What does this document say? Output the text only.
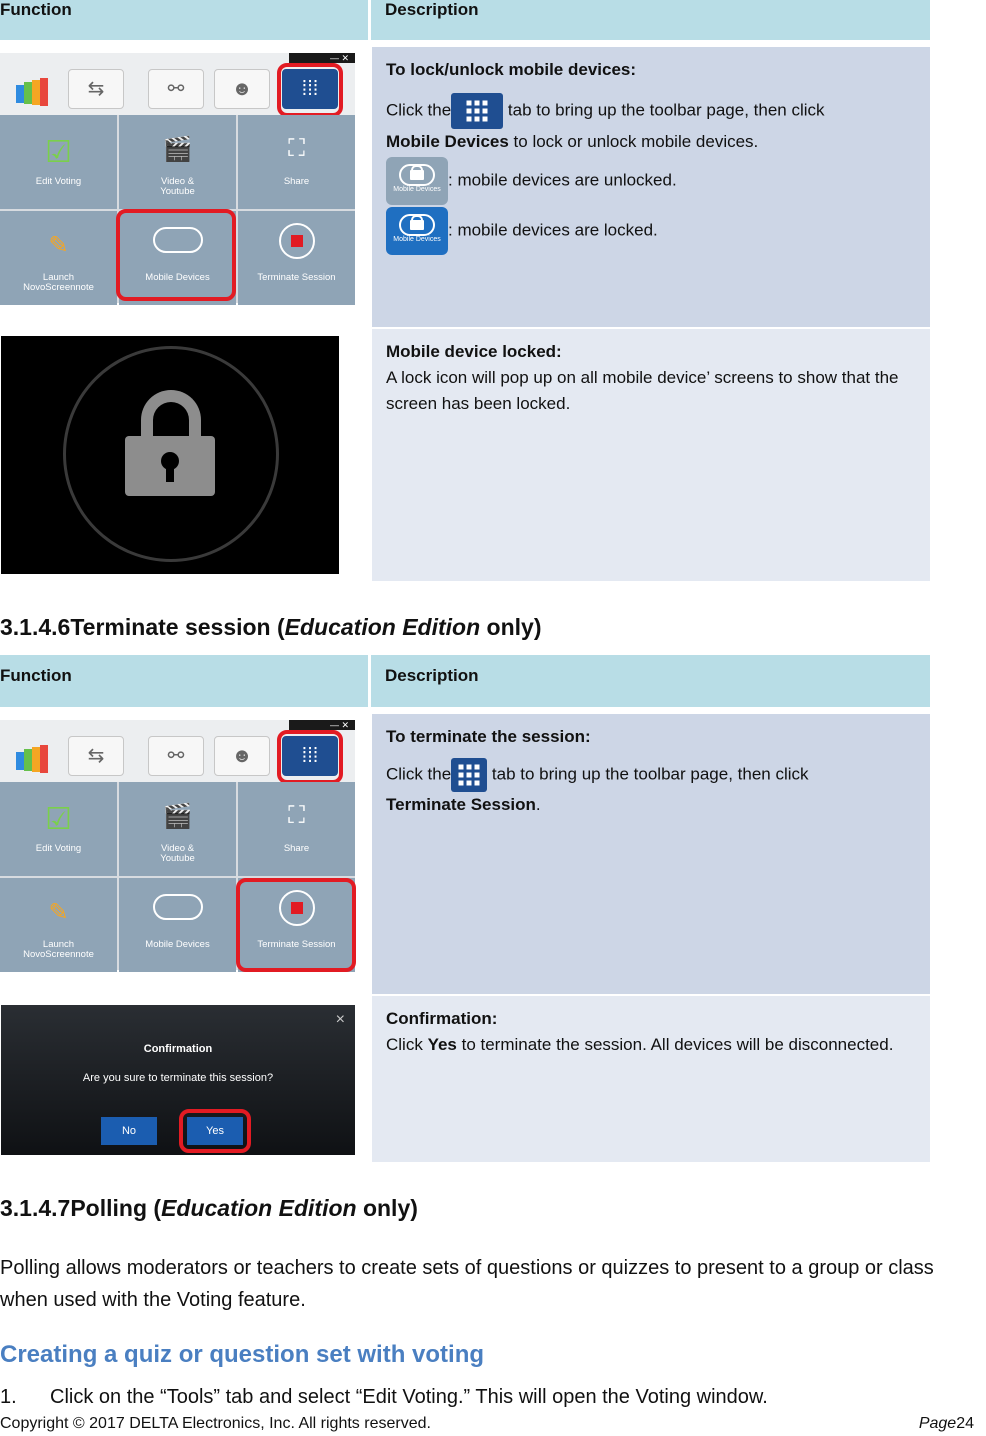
Function	Description
— ✕
⇆	⚯	☻	⁞⁞⁞
☑
Edit Voting
🎬
Video &
Youtube
⛶
Share
✎
Launch
NovoScreennote
Mobile Devices	Terminate Session
To lock/unlock mobile devices:
Click the	tab to bring up the toolbar page, then click
Mobile Devices to lock or unlock mobile devices.
Mobile Devices
: mobile devices are unlocked.
Mobile Devices
: mobile devices are locked.
Mobile device locked:
A lock icon will pop up on all mobile device’ screens to show that the screen has been locked.
3.1.4.6Terminate session (Education Edition only)
Function	Description
— ✕
⇆	⚯	☻	⁞⁞⁞
☑
Edit Voting
🎬
Video &
Youtube
⛶
Share
✎
Launch
NovoScreennote
Mobile Devices	Terminate Session
To terminate the session:
Click the
tab to bring up the toolbar page, then click
Terminate Session.
×
Confirmation
Are you sure to terminate this session?
No	Yes
Confirmation:
Click Yes to terminate the session. All devices will be disconnected.
3.1.4.7Polling (Education Edition only)
Polling allows moderators or teachers to create sets of questions or quizzes to present to a group or class when used with the Voting feature.
Creating a quiz or question set with voting
1. Click on the “Tools” tab and select “Edit Voting.” This will open the Voting window.
Copyright © 2017 DELTA Electronics, Inc. All rights reserved.	Page24
